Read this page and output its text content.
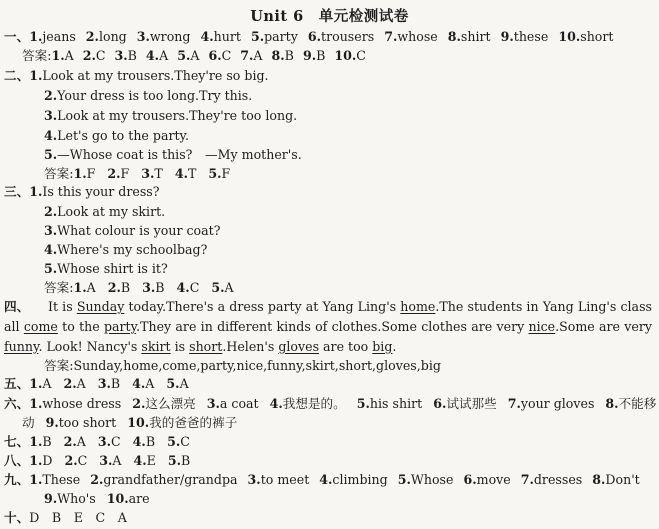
Unit 6　单元检测试卷
一、1.jeans 2.long 3.wrong 4.hurt 5.party 6.trousers 7.whose 8.shirt 9.these 10.short
答案:1.A 2.C 3.B 4.A 5.A 6.C 7.A 8.B 9.B 10.C
二、1.Look at my trousers.They're so big.
2.Your dress is too long.Try this.
3.Look at my trousers.They're too long.
4.Let's go to the party.
5.—Whose coat is this?　—My mother's.
答案:1.F 2.F 3.T 4.T 5.F
三、1.Is this your dress?
2.Look at my skirt.
3.What colour is your coat?
4.Where's my schoolbag?
5.Whose shirt is it?
答案:1.A 2.B 3.B 4.C 5.A
四、	It is Sunday today.There's a dress party at Yang Ling's home.The students in Yang Ling's class all come to the party.They are in different kinds of clothes.Some clothes are very nice.Some are very funny. Look! Nancy's skirt is short.Helen's gloves are too big.
答案:Sunday,home,come,party,nice,funny,skirt,short,gloves,big
五、1.A 2.A 3.B 4.A 5.A
六、1.whose dress 2.这么漂亮 3.a coat 4.我想是的。 5.his shirt 6.试试那些 7.your gloves 8.不能移
动 9.too short 10.我的爸爸的裤子
七、1.B 2.A 3.C 4.B 5.C
八、1.D 2.C 3.A 4.E 5.B
九、1.These 2.grandfather/grandpa 3.to meet 4.climbing 5.Whose 6.move 7.dresses 8.Don't
9.Who's 10.are
十、D　B　E　C　A
